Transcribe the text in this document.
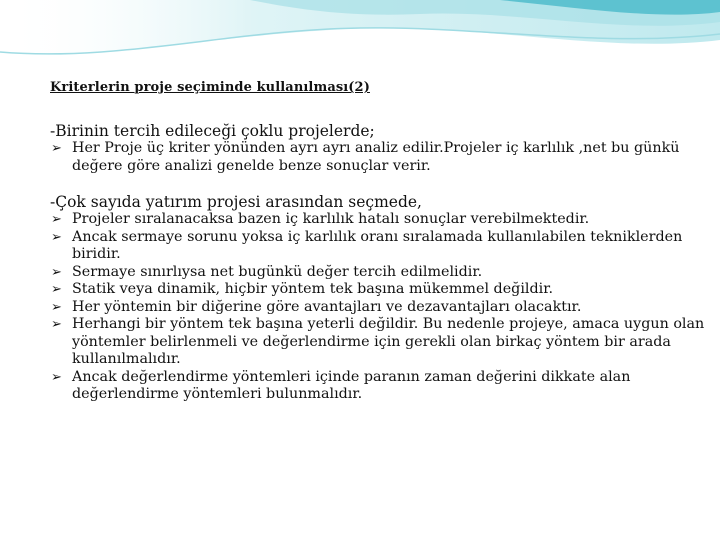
Kriterlerin proje seçiminde kullanılması(2)
-Birinin tercih edileceği çoklu projelerde;
➢ Her Proje üç kriter yönünden ayrı ayrı analiz edilir.Projeler iç karlılık ,net bu günkü değere göre analizi genelde benze sonuçlar verir.
-Çok sayıda yatırım projesi arasından seçmede,
➢ Projeler sıralanacaksa bazen iç karlılık hatalı sonuçlar verebilmektedir.
➢ Ancak sermaye sorunu yoksa iç karlılık oranı sıralamada kullanılabilen tekniklerden biridir.
➢ Sermaye sınırlıysa net bugünkü değer tercih edilmelidir.
➢ Statik veya dinamik, hiçbir yöntem tek başına mükemmel değildir.
➢ Her yöntemin bir diğerine göre avantajları ve dezavantajları olacaktır.
➢ Herhangi bir yöntem tek başına yeterli değildir. Bu nedenle projeye, amaca uygun olan yöntemler belirlenmeli ve değerlendirme için gerekli olan birkaç yöntem bir arada kullanılmalıdır.
➢ Ancak değerlendirme yöntemleri içinde paranın zaman değerini dikkate alan değerlendirme yöntemleri bulunmalıdır.
